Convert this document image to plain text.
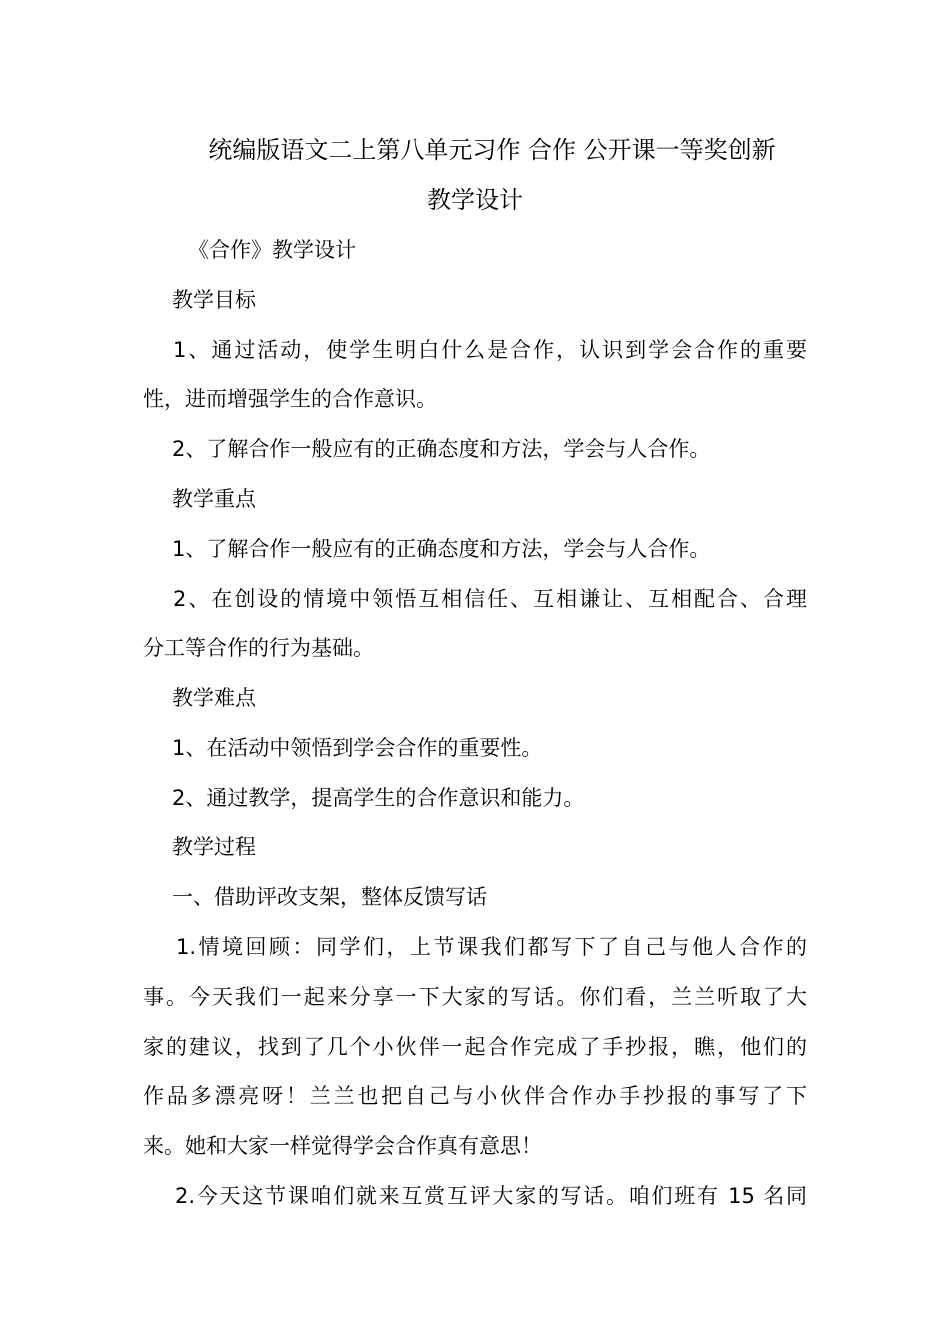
统编版语文二上第八单元习作 合作 公开课一等奖创新
教学设计
《合作》教学设计
教学目标
1、通过活动，使学生明白什么是合作，认识到学会合作的重要
性，进而增强学生的合作意识。
2、了解合作一般应有的正确态度和方法，学会与人合作。
教学重点
1、了解合作一般应有的正确态度和方法，学会与人合作。
2、在创设的情境中领悟互相信任、互相谦让、互相配合、合理
分工等合作的行为基础。
教学难点
1、在活动中领悟到学会合作的重要性。
2、通过教学，提高学生的合作意识和能力。
教学过程
一、借助评改支架，整体反馈写话
1.情境回顾：同学们，上节课我们都写下了自己与他人合作的
事。今天我们一起来分享一下大家的写话。你们看，兰兰听取了大
家的建议，找到了几个小伙伴一起合作完成了手抄报，瞧，他们的
作品多漂亮呀！兰兰也把自己与小伙伴合作办手抄报的事写了下
来。她和大家一样觉得学会合作真有意思！
2.今天这节课咱们就来互赏互评大家的写话。咱们班有 15 名同
